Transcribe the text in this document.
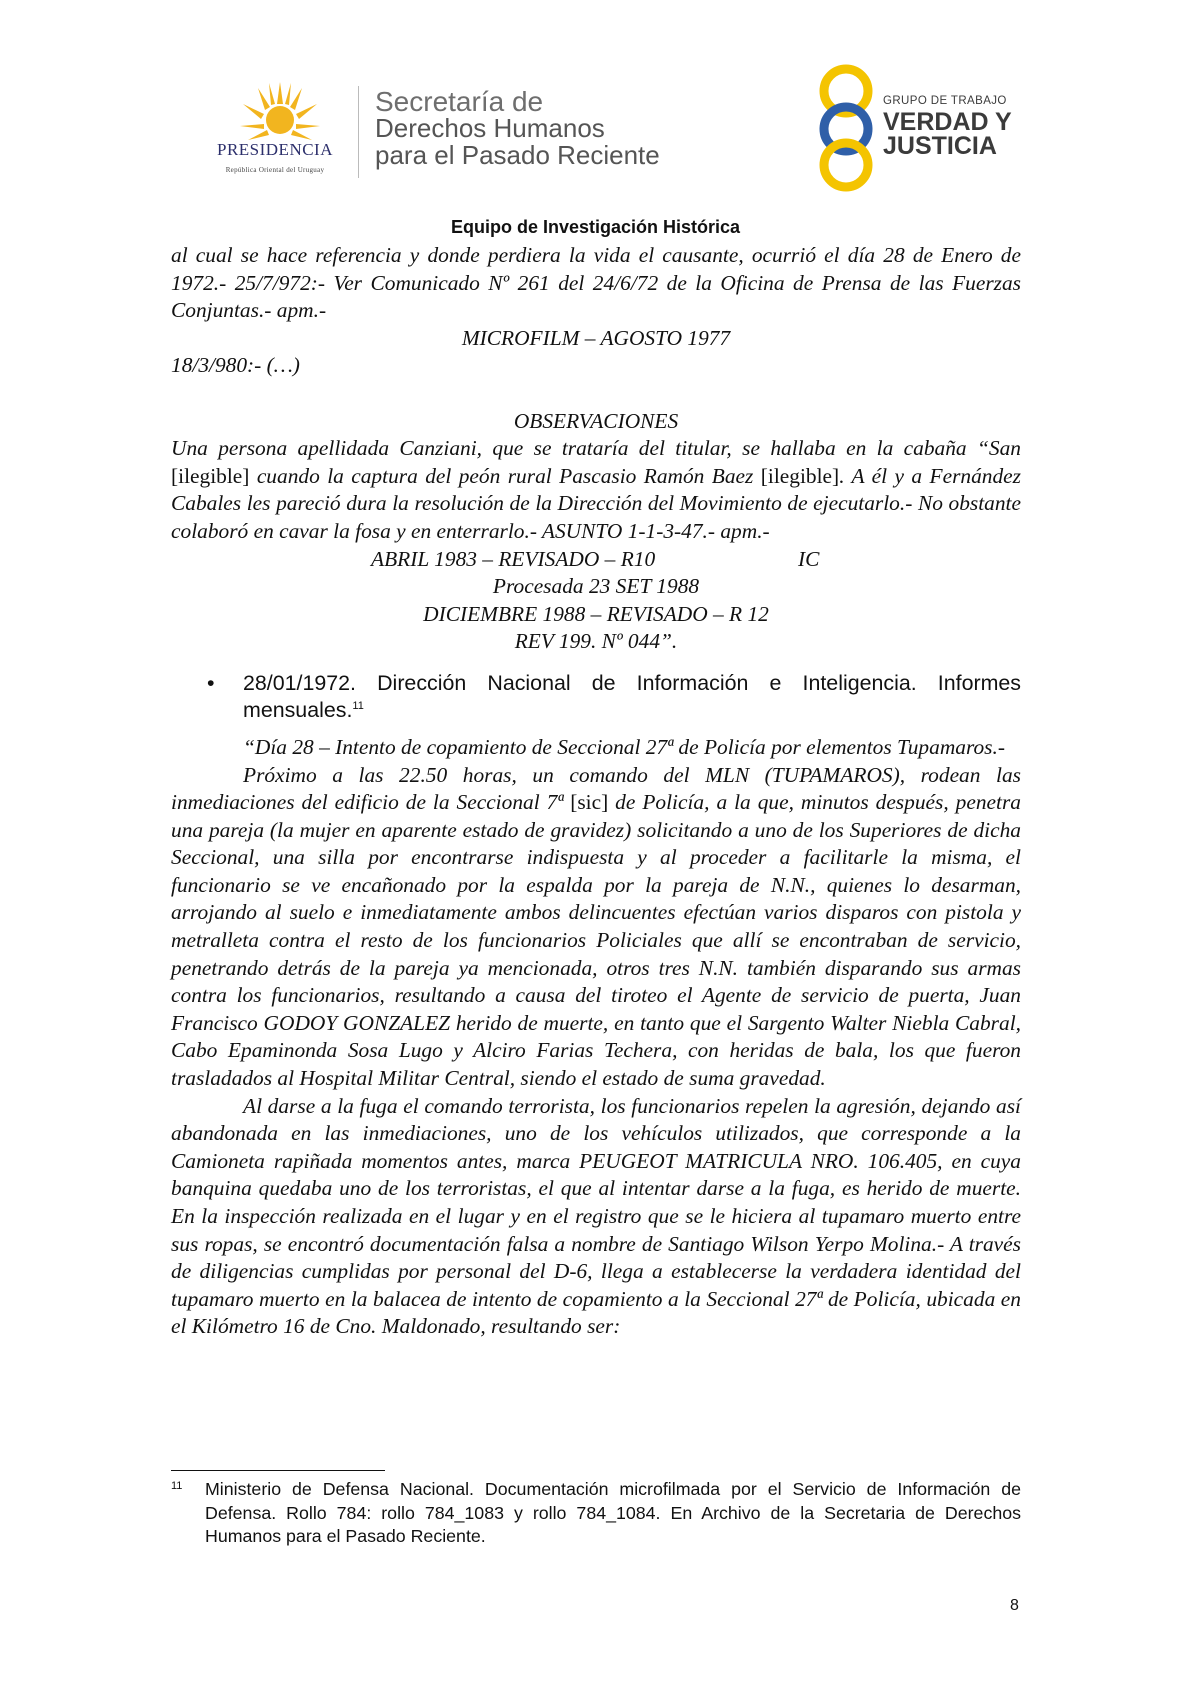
PRESIDENCIA
República Oriental del Uruguay
Secretaría de
Derechos Humanos
para el Pasado Reciente
GRUPO DE TRABAJO
VERDAD Y
JUSTICIA
Equipo de Investigación Histórica

al cual se hace referencia y donde perdiera la vida el causante, ocurrió el día 28 de Enero de 1972.- 25/7/972:- Ver Comunicado Nº 261 del 24/6/72 de la Oficina de Prensa de las Fuerzas Conjuntas.- apm.-

MICROFILM – AGOSTO 1977

18/3/980:- (…)

OBSERVACIONES

Una persona apellidada Canziani, que se trataría del titular, se hallaba en la cabaña “San [ilegible] cuando la captura del peón rural Pascasio Ramón Baez [ilegible]. A él y a Fernández Cabales les pareció dura la resolución de la Dirección del Movimiento de ejecutarlo.- No obstante colaboró en cavar la fosa y en enterrarlo.- ASUNTO 1-1-3-47.- apm.-

ABRIL 1983 – REVISADO – R10	IC

Procesada 23 SET 1988

DICIEMBRE 1988 – REVISADO – R 12

REV 199. Nº 044”.

• 28/01/1972. Dirección Nacional de Información e Inteligencia. Informes mensuales.$^{11}$

“Día 28 – Intento de copamiento de Seccional 27ª de Policía por elementos Tupamaros.-

Próximo a las 22.50 horas, un comando del MLN (TUPAMAROS), rodean las inmediaciones del edificio de la Seccional 7ª [sic] de Policía, a la que, minutos después, penetra una pareja (la mujer en aparente estado de gravidez) solicitando a uno de los Superiores de dicha Seccional, una silla por encontrarse indispuesta y al proceder a facilitarle la misma, el funcionario se ve encañonado por la espalda por la pareja de N.N., quienes lo desarman, arrojando al suelo e inmediatamente ambos delincuentes efectúan varios disparos con pistola y metralleta contra el resto de los funcionarios Policiales que allí se encontraban de servicio, penetrando detrás de la pareja ya mencionada, otros tres N.N. también disparando sus armas contra los funcionarios, resultando a causa del tiroteo el Agente de servicio de puerta, Juan Francisco GODOY GONZALEZ herido de muerte, en tanto que el Sargento Walter Niebla Cabral, Cabo Epaminonda Sosa Lugo y Alciro Farias Techera, con heridas de bala, los que fueron trasladados al Hospital Militar Central, siendo el estado de suma gravedad.

Al darse a la fuga el comando terrorista, los funcionarios repelen la agresión, dejando así abandonada en las inmediaciones, uno de los vehículos utilizados, que corresponde a la Camioneta rapiñada momentos antes, marca PEUGEOT MATRICULA NRO. 106.405, en cuya banquina quedaba uno de los terroristas, el que al intentar darse a la fuga, es herido de muerte. En la inspección realizada en el lugar y en el registro que se le hiciera al tupamaro muerto entre sus ropas, se encontró documentación falsa a nombre de Santiago Wilson Yerpo Molina.- A través de diligencias cumplidas por personal del D-6, llega a establecerse la verdadera identidad del tupamaro muerto en la balacea de intento de copamiento a la Seccional 27ª de Policía, ubicada en el Kilómetro 16 de Cno. Maldonado, resultando ser:

11 Ministerio de Defensa Nacional. Documentación microfilmada por el Servicio de Información de Defensa. Rollo 784: rollo 784_1083 y rollo 784_1084. En Archivo de la Secretaria de Derechos Humanos para el Pasado Reciente.
8
